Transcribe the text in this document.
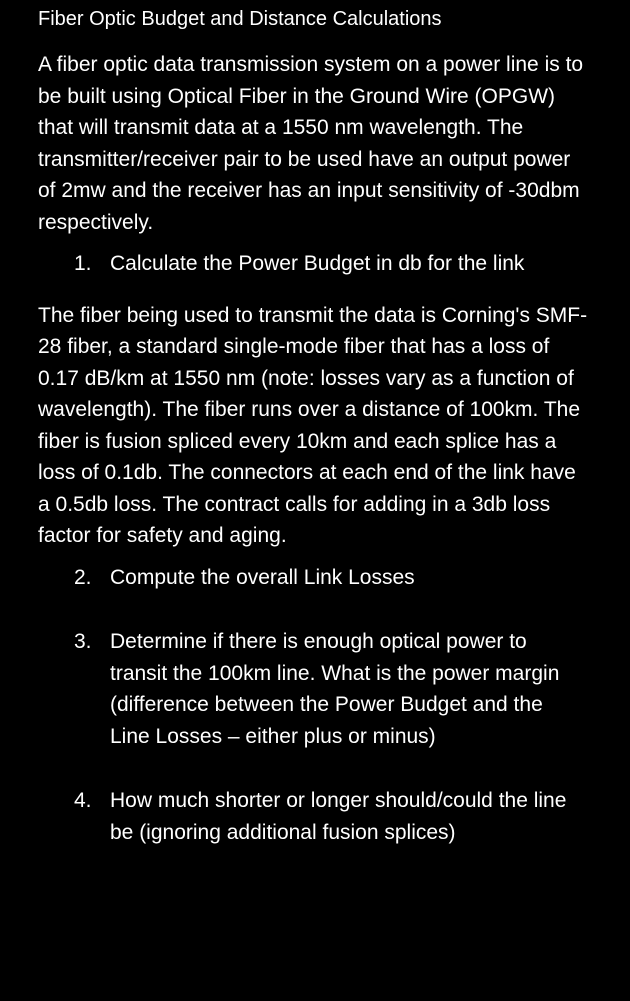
Fiber Optic Budget and Distance Calculations

A fiber optic data transmission system on a power line is to be built using Optical Fiber in the Ground Wire (OPGW) that will transmit data at a 1550 nm wavelength. The transmitter/receiver pair to be used have an output power of 2mw and the receiver has an input sensitivity of -30dbm respectively.

1. Calculate the Power Budget in db for the link

The fiber being used to transmit the data is Corning's SMF-28 fiber, a standard single-mode fiber that has a loss of 0.17 dB/km at 1550 nm (note: losses vary as a function of wavelength). The fiber runs over a distance of 100km. The fiber is fusion spliced every 10km and each splice has a loss of 0.1db. The connectors at each end of the link have a 0.5db loss. The contract calls for adding in a 3db loss factor for safety and aging.

2. Compute the overall Link Losses
3. Determine if there is enough optical power to transit the 100km line. What is the power margin (difference between the Power Budget and the Line Losses – either plus or minus)
4. How much shorter or longer should/could the line be (ignoring additional fusion splices)
